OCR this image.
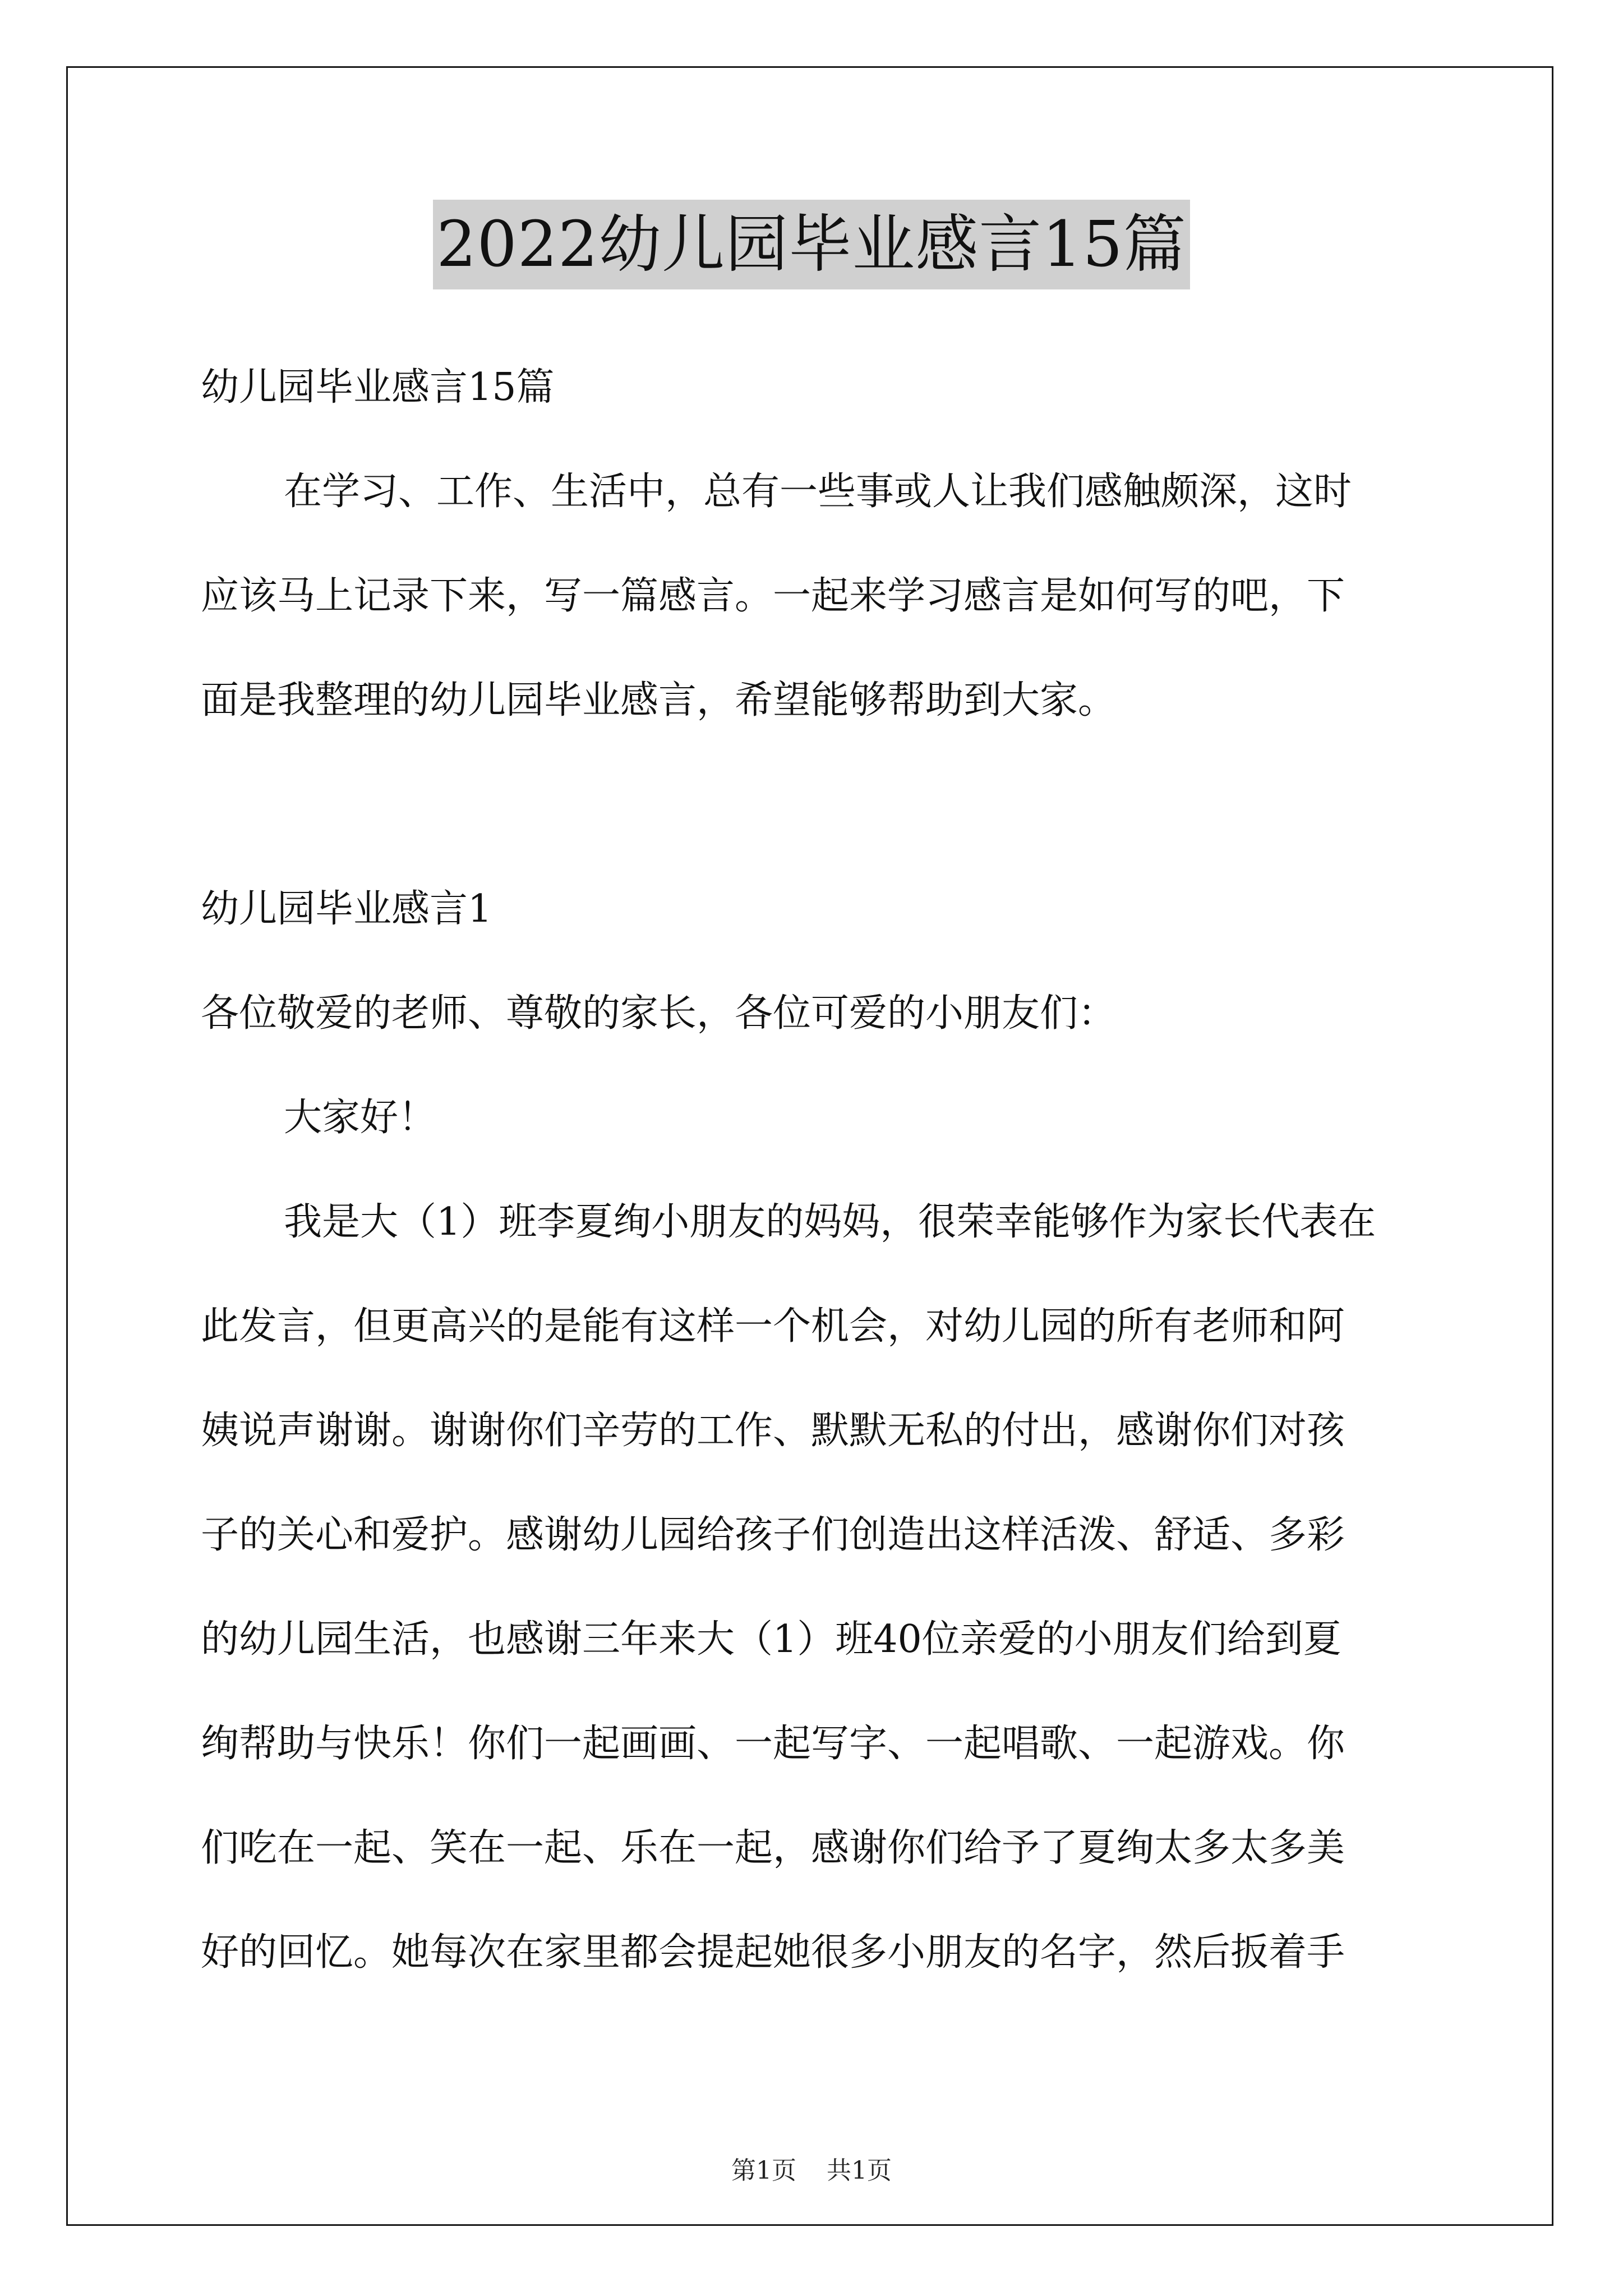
2022幼儿园毕业感言15篇

幼儿园毕业感言15篇

在学习、工作、生活中，总有一些事或人让我们感触颇深，这时

应该马上记录下来，写一篇感言。一起来学习感言是如何写的吧，下

面是我整理的幼儿园毕业感言，希望能够帮助到大家。

幼儿园毕业感言1

各位敬爱的老师、尊敬的家长，各位可爱的小朋友们：

大家好！

我是大（1）班李夏绚小朋友的妈妈，很荣幸能够作为家长代表在

此发言，但更高兴的是能有这样一个机会，对幼儿园的所有老师和阿

姨说声谢谢。谢谢你们辛劳的工作、默默无私的付出，感谢你们对孩

子的关心和爱护。感谢幼儿园给孩子们创造出这样活泼、舒适、多彩

的幼儿园生活，也感谢三年来大（1）班40位亲爱的小朋友们给到夏

绚帮助与快乐！你们一起画画、一起写字、一起唱歌、一起游戏。你

们吃在一起、笑在一起、乐在一起，感谢你们给予了夏绚太多太多美

好的回忆。她每次在家里都会提起她很多小朋友的名字，然后扳着手

第1页 共1页
